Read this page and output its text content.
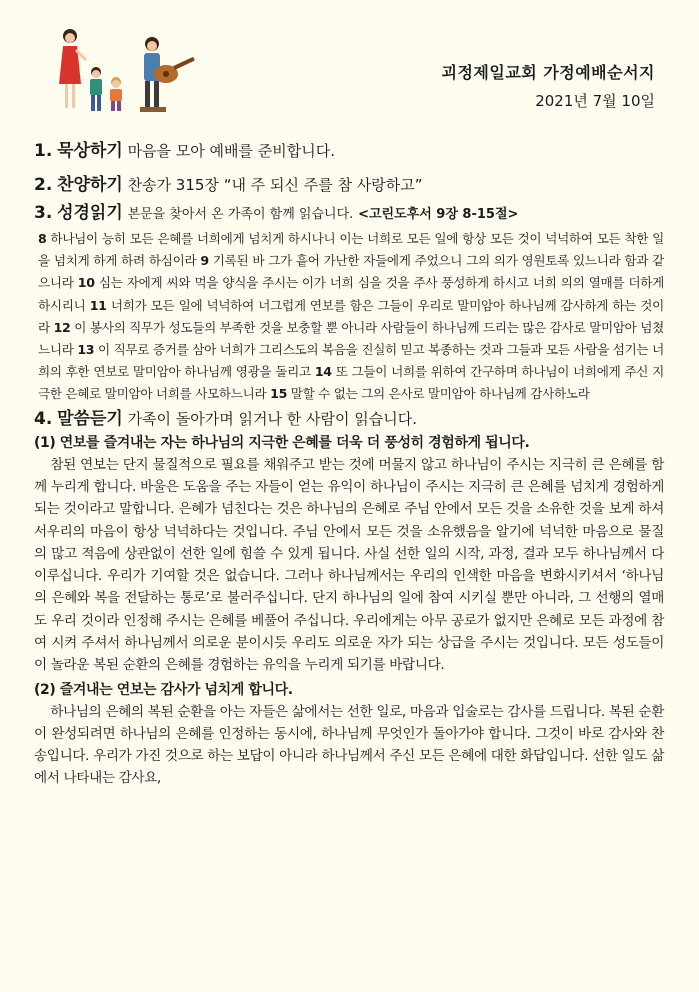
괴정제일교회 가정예배순서지
2021년 7월 10일

1. 묵상하기 마음을 모아 예배를 준비합니다.

2. 찬양하기 찬송가 315장 “내 주 되신 주를 참 사랑하고”

3. 성경읽기 본문을 찾아서 온 가족이 함께 읽습니다. <고린도후서 9장 8-15절>

8 하나님이 능히 모든 은혜를 너희에게 넘치게 하시나니 이는 너희로 모든 일에 항상 모든 것이 넉넉하여 모든 착한 일을 넘치게 하게 하려 하심이라 9 기록된 바 그가 흩어 가난한 자들에게 주었으니 그의 의가 영원토록 있느니라 함과 같으니라 10 심는 자에게 씨와 먹을 양식을 주시는 이가 너희 심을 것을 주사 풍성하게 하시고 너희 의의 열매를 더하게 하시리니 11 너희가 모든 일에 넉넉하여 너그럽게 연보를 함은 그들이 우리로 말미암아 하나님께 감사하게 하는 것이라 12 이 봉사의 직무가 성도들의 부족한 것을 보충할 뿐 아니라 사람들이 하나님께 드리는 많은 감사로 말미암아 넘쳤느니라 13 이 직무로 증거를 삼아 너희가 그리스도의 복음을 진실히 믿고 복종하는 것과 그들과 모든 사람을 섬기는 너희의 후한 연보로 말미암아 하나님께 영광을 돌리고 14 또 그들이 너희를 위하여 간구하며 하나님이 너희에게 주신 지극한 은혜로 말미암아 너희를 사모하느니라 15 말할 수 없는 그의 은사로 말미암아 하나님께 감사하노라

4. 말씀듣기 가족이 돌아가며 읽거나 한 사람이 읽습니다.

(1) 연보를 즐겨내는 자는 하나님의 지극한 은혜를 더욱 더 풍성히 경험하게 됩니다.

참된 연보는 단지 물질적으로 필요를 채워주고 받는 것에 머물지 않고 하나님이 주시는 지극히 큰 은혜를 함께 누리게 합니다. 바울은 도움을 주는 자들이 얻는 유익이 하나님이 주시는 지극히 큰 은혜를 넘치게 경험하게 되는 것이라고 말합니다. 은혜가 넘친다는 것은 하나님의 은혜로 주님 안에서 모든 것을 소유한 것을 보게 하셔서우리의 마음이 항상 넉넉하다는 것입니다. 주님 안에서 모든 것을 소유했음을 알기에 넉넉한 마음으로 물질의 많고 적음에 상관없이 선한 일에 힘쓸 수 있게 됩니다. 사실 선한 일의 시작, 과정, 결과 모두 하나님께서 다 이루십니다. 우리가 기여할 것은 없습니다. 그러나 하나님께서는 우리의 인색한 마음을 변화시키셔서 ‘하나님의 은혜와 복을 전달하는 통로’로 불러주십니다. 단지 하나님의 일에 참여 시키실 뿐만 아니라, 그 선행의 열매도 우리 것이라 인정해 주시는 은혜를 베풀어 주십니다. 우리에게는 아무 공로가 없지만 은혜로 모든 과정에 참여 시켜 주셔서 하나님께서 의로운 분이시듯 우리도 의로운 자가 되는 상급을 주시는 것입니다. 모든 성도들이 이 놀라운 복된 순환의 은혜를 경험하는 유익을 누리게 되기를 바랍니다.

(2) 즐겨내는 연보는 감사가 넘치게 합니다.

하나님의 은혜의 복된 순환을 아는 자들은 삶에서는 선한 일로, 마음과 입술로는 감사를 드립니다. 복된 순환이 완성되려면 하나님의 은혜를 인정하는 동시에, 하나님께 무엇인가 돌아가야 합니다. 그것이 바로 감사와 찬송입니다. 우리가 가진 것으로 하는 보답이 아니라 하나님께서 주신 모든 은혜에 대한 화답입니다. 선한 일도 삶에서 나타내는 감사요,
